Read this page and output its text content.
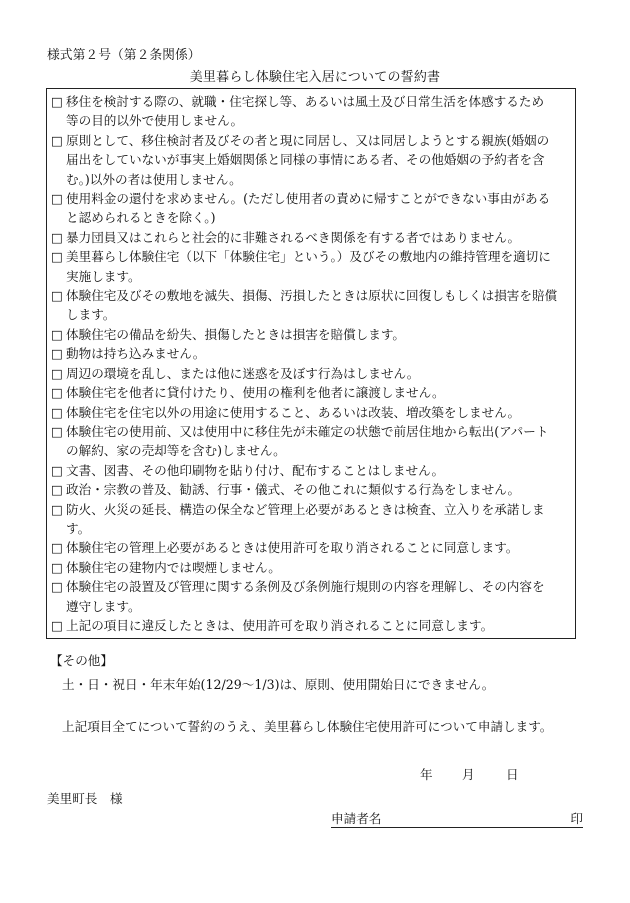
様式第２号（第２条関係）
美里暮らし体験住宅入居についての誓約書
□ 移住を検討する際の、就職・住宅探し等、あるいは風土及び日常生活を体感するため
等の目的以外で使用しません。
□ 原則として、移住検討者及びその者と現に同居し、又は同居しようとする親族(婚姻の
届出をしていないが事実上婚姻関係と同様の事情にある者、その他婚姻の予約者を含
む。)以外の者は使用しません。
□ 使用料金の還付を求めません。(ただし使用者の責めに帰すことができない事由がある
と認められるときを除く。)
□ 暴力団員又はこれらと社会的に非難されるべき関係を有する者ではありません。
□ 美里暮らし体験住宅（以下「体験住宅」という。）及びその敷地内の維持管理を適切に
実施します。
□ 体験住宅及びその敷地を滅失、損傷、汚損したときは原状に回復しもしくは損害を賠償
します。
□ 体験住宅の備品を紛失、損傷したときは損害を賠償します。
□ 動物は持ち込みません。
□ 周辺の環境を乱し、または他に迷惑を及ぼす行為はしません。
□ 体験住宅を他者に貸付けたり、使用の権利を他者に譲渡しません。
□ 体験住宅を住宅以外の用途に使用すること、あるいは改装、増改築をしません。
□ 体験住宅の使用前、又は使用中に移住先が未確定の状態で前居住地から転出(アパート
の解約、家の売却等を含む)しません。
□ 文書、図書、その他印刷物を貼り付け、配布することはしません。
□ 政治・宗教の普及、勧誘、行事・儀式、その他これに類似する行為をしません。
□ 防火、火災の延長、構造の保全など管理上必要があるときは検査、立入りを承諾しま
す。
□ 体験住宅の管理上必要があるときは使用許可を取り消されることに同意します。
□ 体験住宅の建物内では喫煙しません。
□ 体験住宅の設置及び管理に関する条例及び条例施行規則の内容を理解し、その内容を
遵守します。
□ 上記の項目に違反したときは、使用許可を取り消されることに同意します。
【その他】
土・日・祝日・年末年始(12/29～1/3)は、原則、使用開始日にできません。
上記項目全てについて誓約のうえ、美里暮らし体験住宅使用許可について申請します。
年 月 日
美里町長　様
申請者名	印
